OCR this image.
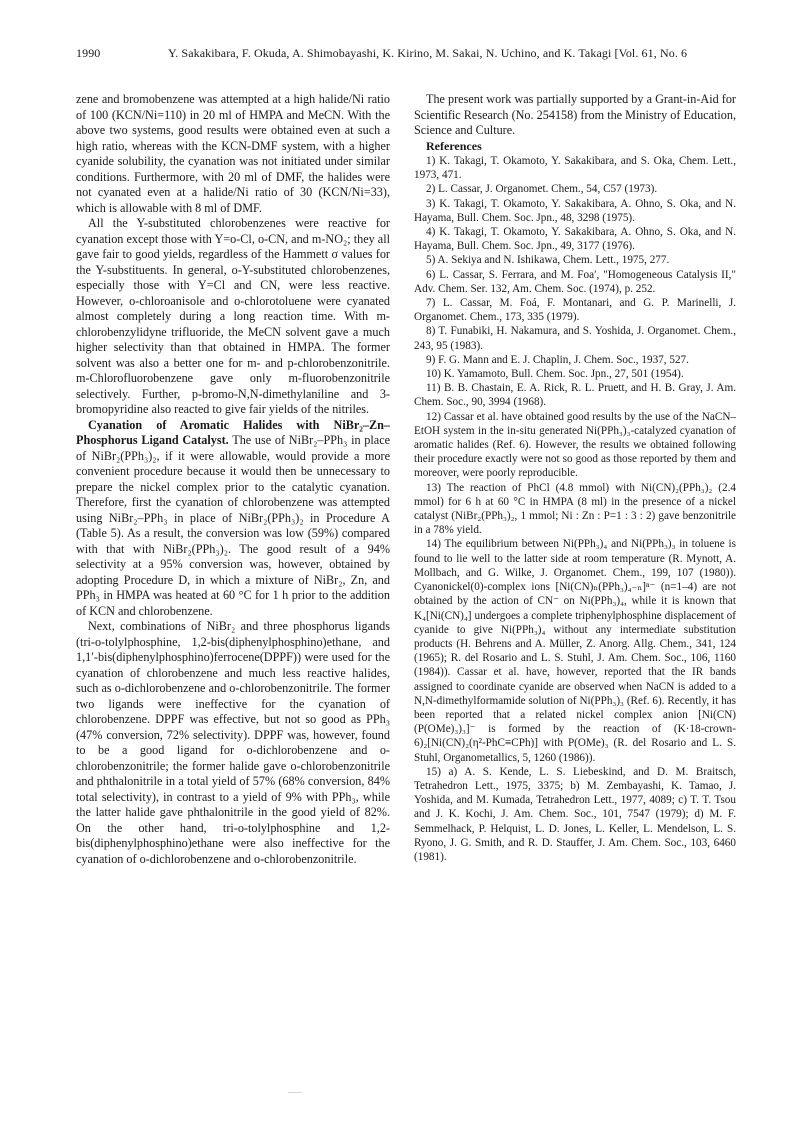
1990	Y. Sakakibara, F. Okuda, A. Shimobayashi, K. Kirino, M. Sakai, N. Uchino, and K. Takagi [Vol. 61, No. 6

zene and bromobenzene was attempted at a high halide/Ni ratio of 100 (KCN/Ni=110) in 20 ml of HMPA and MeCN. With the above two systems, good results were obtained even at such a high ratio, whereas with the KCN-DMF system, with a higher cyanide solubility, the cyanation was not initiated under similar conditions. Furthermore, with 20 ml of DMF, the halides were not cyanated even at a halide/Ni ratio of 30 (KCN/Ni=33), which is allowable with 8 ml of DMF.

All the Y-substituted chlorobenzenes were reactive for cyanation except those with Y=o-Cl, o-CN, and m-NO₂; they all gave fair to good yields, regardless of the Hammett σ values for the Y-substituents. In general, o-Y-substituted chlorobenzenes, especially those with Y=Cl and CN, were less reactive. However, o-chloroanisole and o-chlorotoluene were cyanated almost completely during a long reaction time. With m-chlorobenzylidyne trifluoride, the MeCN solvent gave a much higher selectivity than that obtained in HMPA. The former solvent was also a better one for m- and p-chlorobenzonitrile. m-Chlorofluorobenzene gave only m-fluorobenzonitrile selectively. Further, p-bromo-N,N-dimethylaniline and 3-bromopyridine also reacted to give fair yields of the nitriles.

Cyanation of Aromatic Halides with NiBr₂–Zn–Phosphorus Ligand Catalyst. The use of NiBr₂–PPh₃ in place of NiBr₂(PPh₃)₂, if it were allowable, would provide a more convenient procedure because it would then be unnecessary to prepare the nickel complex prior to the catalytic cyanation. Therefore, first the cyanation of chlorobenzene was attempted using NiBr₂–PPh₃ in place of NiBr₂(PPh₃)₂ in Procedure A (Table 5). As a result, the conversion was low (59%) compared with that with NiBr₂(PPh₃)₂. The good result of a 94% selectivity at a 95% conversion was, however, obtained by adopting Procedure D, in which a mixture of NiBr₂, Zn, and PPh₃ in HMPA was heated at 60 °C for 1 h prior to the addition of KCN and chlorobenzene.

Next, combinations of NiBr₂ and three phosphorus ligands (tri-o-tolylphosphine, 1,2-bis(diphenylphosphino)ethane, and 1,1′-bis(diphenylphosphino)ferrocene(DPPF)) were used for the cyanation of chlorobenzene and much less reactive halides, such as o-dichlorobenzene and o-chlorobenzonitrile. The former two ligands were ineffective for the cyanation of chlorobenzene. DPPF was effective, but not so good as PPh₃ (47% conversion, 72% selectivity). DPPF was, however, found to be a good ligand for o-dichlorobenzene and o-chlorobenzonitrile; the former halide gave o-chlorobenzonitrile and phthalonitrile in a total yield of 57% (68% conversion, 84% total selectivity), in contrast to a yield of 9% with PPh₃, while the latter halide gave phthalonitrile in the good yield of 82%. On the other hand, tri-o-tolylphosphine and 1,2-bis(diphenylphosphino)ethane were also ineffective for the cyanation of o-dichlorobenzene and o-chlorobenzonitrile.

The present work was partially supported by a Grant-in-Aid for Scientific Research (No. 254158) from the Ministry of Education, Science and Culture.

References

1) K. Takagi, T. Okamoto, Y. Sakakibara, and S. Oka, Chem. Lett., 1973, 471.

2) L. Cassar, J. Organomet. Chem., 54, C57 (1973).

3) K. Takagi, T. Okamoto, Y. Sakakibara, A. Ohno, S. Oka, and N. Hayama, Bull. Chem. Soc. Jpn., 48, 3298 (1975).

4) K. Takagi, T. Okamoto, Y. Sakakibara, A. Ohno, S. Oka, and N. Hayama, Bull. Chem. Soc. Jpn., 49, 3177 (1976).

5) A. Sekiya and N. Ishikawa, Chem. Lett., 1975, 277.

6) L. Cassar, S. Ferrara, and M. Foa′, "Homogeneous Catalysis II," Adv. Chem. Ser. 132, Am. Chem. Soc. (1974), p. 252.

7) L. Cassar, M. Foá, F. Montanari, and G. P. Marinelli, J. Organomet. Chem., 173, 335 (1979).

8) T. Funabiki, H. Nakamura, and S. Yoshida, J. Organomet. Chem., 243, 95 (1983).

9) F. G. Mann and E. J. Chaplin, J. Chem. Soc., 1937, 527.

10) K. Yamamoto, Bull. Chem. Soc. Jpn., 27, 501 (1954).

11) B. B. Chastain, E. A. Rick, R. L. Pruett, and H. B. Gray, J. Am. Chem. Soc., 90, 3994 (1968).

12) Cassar et al. have obtained good results by the use of the NaCN–EtOH system in the in-situ generated Ni(PPh₃)₃-catalyzed cyanation of aromatic halides (Ref. 6). However, the results we obtained following their procedure exactly were not so good as those reported by them and moreover, were poorly reproducible.

13) The reaction of PhCl (4.8 mmol) with Ni(CN)₂(PPh₃)₂ (2.4 mmol) for 6 h at 60 °C in HMPA (8 ml) in the presence of a nickel catalyst (NiBr₂(PPh₃)₂, 1 mmol; Ni : Zn : P=1 : 3 : 2) gave benzonitrile in a 78% yield.

14) The equilibrium between Ni(PPh₃)₄ and Ni(PPh₃)₃ in toluene is found to lie well to the latter side at room temperature (R. Mynott, A. Mollbach, and G. Wilke, J. Organomet. Chem., 199, 107 (1980)). Cyanonickel(0)-complex ions [Ni(CN)ₙ(PPh₃)₄₋ₙ]ⁿ⁻ (n=1–4) are not obtained by the action of CN⁻ on Ni(PPh₃)₄, while it is known that K₄[Ni(CN)₄] undergoes a complete triphenylphosphine displacement of cyanide to give Ni(PPh₃)₄ without any intermediate substitution products (H. Behrens and A. Müller, Z. Anorg. Allg. Chem., 341, 124 (1965); R. del Rosario and L. S. Stuhl, J. Am. Chem. Soc., 106, 1160 (1984)). Cassar et al. have, however, reported that the IR bands assigned to coordinate cyanide are observed when NaCN is added to a N,N-dimethylformamide solution of Ni(PPh₃)₃ (Ref. 6). Recently, it has been reported that a related nickel complex anion [Ni(CN)(P(OMe)₃)₃]⁻ is formed by the reaction of (K·18-crown-6)₂[Ni(CN)₂(η²-PhC≡CPh)] with P(OMe)₃ (R. del Rosario and L. S. Stuhl, Organometallics, 5, 1260 (1986)).

15) a) A. S. Kende, L. S. Liebeskind, and D. M. Braitsch, Tetrahedron Lett., 1975, 3375; b) M. Zembayashi, K. Tamao, J. Yoshida, and M. Kumada, Tetrahedron Lett., 1977, 4089; c) T. T. Tsou and J. K. Kochi, J. Am. Chem. Soc., 101, 7547 (1979); d) M. F. Semmelhack, P. Helquist, L. D. Jones, L. Keller, L. Mendelson, L. S. Ryono, J. G. Smith, and R. D. Stauffer, J. Am. Chem. Soc., 103, 6460 (1981).
